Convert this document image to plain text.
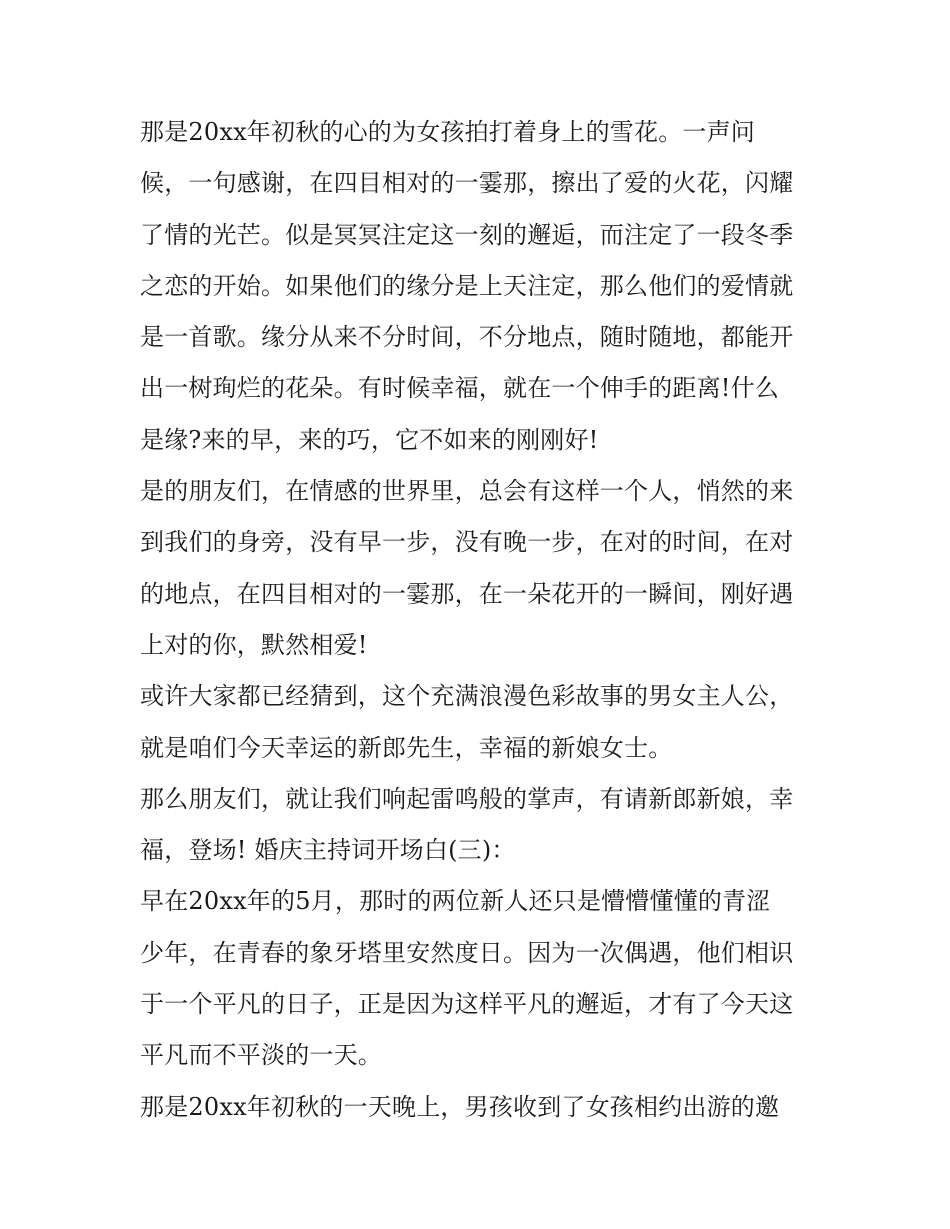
那是20xx年初秋的心的为女孩拍打着身上的雪花。一声问
候，一句感谢，在四目相对的一霎那，擦出了爱的火花，闪耀
了情的光芒。似是冥冥注定这一刻的邂逅，而注定了一段冬季
之恋的开始。如果他们的缘分是上天注定，那么他们的爱情就
是一首歌。缘分从来不分时间，不分地点，随时随地，都能开
出一树珣烂的花朵。有时候幸福，就在一个伸手的距离!什么
是缘?来的早，来的巧，它不如来的刚刚好!
是的朋友们，在情感的世界里，总会有这样一个人，悄然的来
到我们的身旁，没有早一步，没有晚一步，在对的时间，在对
的地点，在四目相对的一霎那，在一朵花开的一瞬间，刚好遇
上对的你，默然相爱!
或许大家都已经猜到，这个充满浪漫色彩故事的男女主人公，
就是咱们今天幸运的新郎先生，幸福的新娘女士。
那么朋友们，就让我们响起雷鸣般的掌声，有请新郎新娘，幸
福，登场! 婚庆主持词开场白(三)：
早在20xx年的5月，那时的两位新人还只是懵懵懂懂的青涩
少年，在青春的象牙塔里安然度日。因为一次偶遇，他们相识
于一个平凡的日子，正是因为这样平凡的邂逅，才有了今天这
平凡而不平淡的一天。
那是20xx年初秋的一天晚上，男孩收到了女孩相约出游的邀
